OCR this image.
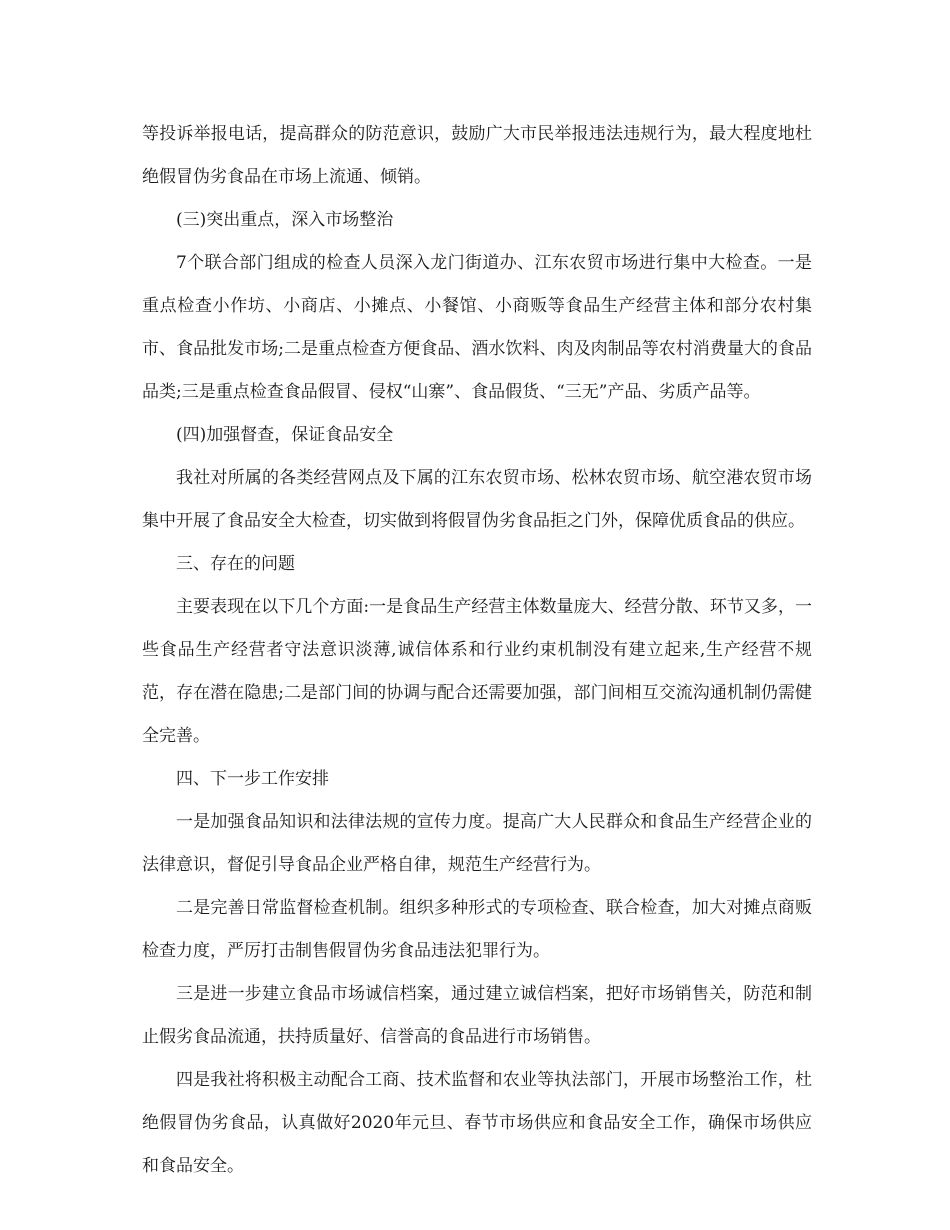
等投诉举报电话，提高群众的防范意识，鼓励广大市民举报违法违规行为，最大程度地杜绝假冒伪劣食品在市场上流通、倾销。

(三)突出重点，深入市场整治

7个联合部门组成的检查人员深入龙门街道办、江东农贸市场进行集中大检查。一是重点检查小作坊、小商店、小摊点、小餐馆、小商贩等食品生产经营主体和部分农村集市、食品批发市场;二是重点检查方便食品、酒水饮料、肉及肉制品等农村消费量大的食品品类;三是重点检查食品假冒、侵权“山寨”、食品假货、“三无”产品、劣质产品等。

(四)加强督查，保证食品安全

我社对所属的各类经营网点及下属的江东农贸市场、松林农贸市场、航空港农贸市场集中开展了食品安全大检查，切实做到将假冒伪劣食品拒之门外，保障优质食品的供应。

三、存在的问题

主要表现在以下几个方面:一是食品生产经营主体数量庞大、经营分散、环节又多，一些食品生产经营者守法意识淡薄,诚信体系和行业约束机制没有建立起来,生产经营不规范，存在潜在隐患;二是部门间的协调与配合还需要加强，部门间相互交流沟通机制仍需健全完善。

四、下一步工作安排

一是加强食品知识和法律法规的宣传力度。提高广大人民群众和食品生产经营企业的法律意识，督促引导食品企业严格自律，规范生产经营行为。

二是完善日常监督检查机制。组织多种形式的专项检查、联合检查，加大对摊点商贩检查力度，严厉打击制售假冒伪劣食品违法犯罪行为。

三是进一步建立食品市场诚信档案，通过建立诚信档案，把好市场销售关，防范和制止假劣食品流通，扶持质量好、信誉高的食品进行市场销售。

四是我社将积极主动配合工商、技术监督和农业等执法部门，开展市场整治工作，杜绝假冒伪劣食品，认真做好2020年元旦、春节市场供应和食品安全工作，确保市场供应和食品安全。
